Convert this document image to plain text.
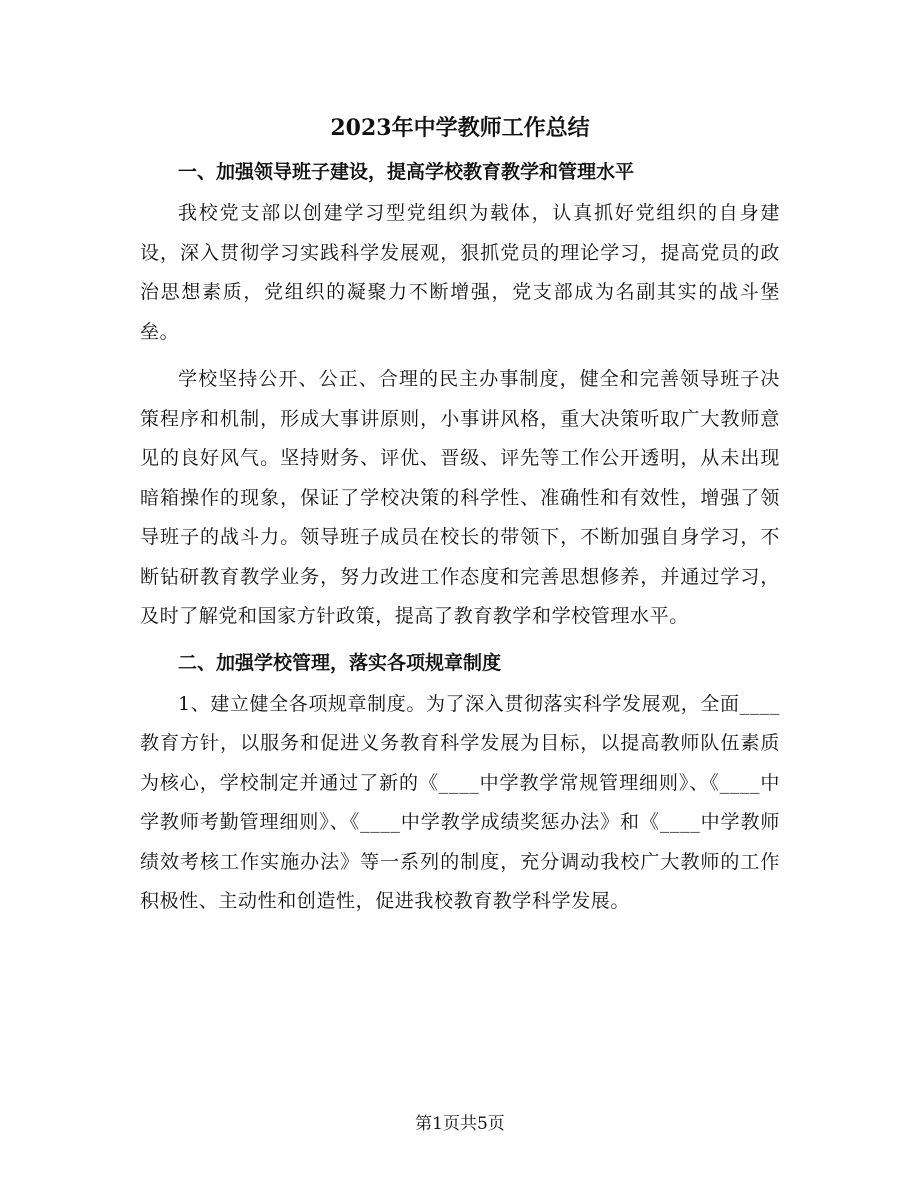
2023年中学教师工作总结
一、加强领导班子建设，提高学校教育教学和管理水平
我校党支部以创建学习型党组织为载体，认真抓好党组织的自身建设，深入贯彻学习实践科学发展观，狠抓党员的理论学习，提高党员的政治思想素质，党组织的凝聚力不断增强，党支部成为名副其实的战斗堡垒。
学校坚持公开、公正、合理的民主办事制度，健全和完善领导班子决策程序和机制，形成大事讲原则，小事讲风格，重大决策听取广大教师意见的良好风气。坚持财务、评优、晋级、评先等工作公开透明，从未出现暗箱操作的现象，保证了学校决策的科学性、准确性和有效性，增强了领导班子的战斗力。领导班子成员在校长的带领下，不断加强自身学习，不断钻研教育教学业务，努力改进工作态度和完善思想修养，并通过学习，及时了解党和国家方针政策，提高了教育教学和学校管理水平。
二、加强学校管理，落实各项规章制度
1、建立健全各项规章制度。为了深入贯彻落实科学发展观，全面____教育方针，以服务和促进义务教育科学发展为目标，以提高教师队伍素质为核心，学校制定并通过了新的《____中学教学常规管理细则》、《____中学教师考勤管理细则》、《____中学教学成绩奖惩办法》和《____中学教师绩效考核工作实施办法》等一系列的制度，充分调动我校广大教师的工作积极性、主动性和创造性，促进我校教育教学科学发展。
第1页共5页
